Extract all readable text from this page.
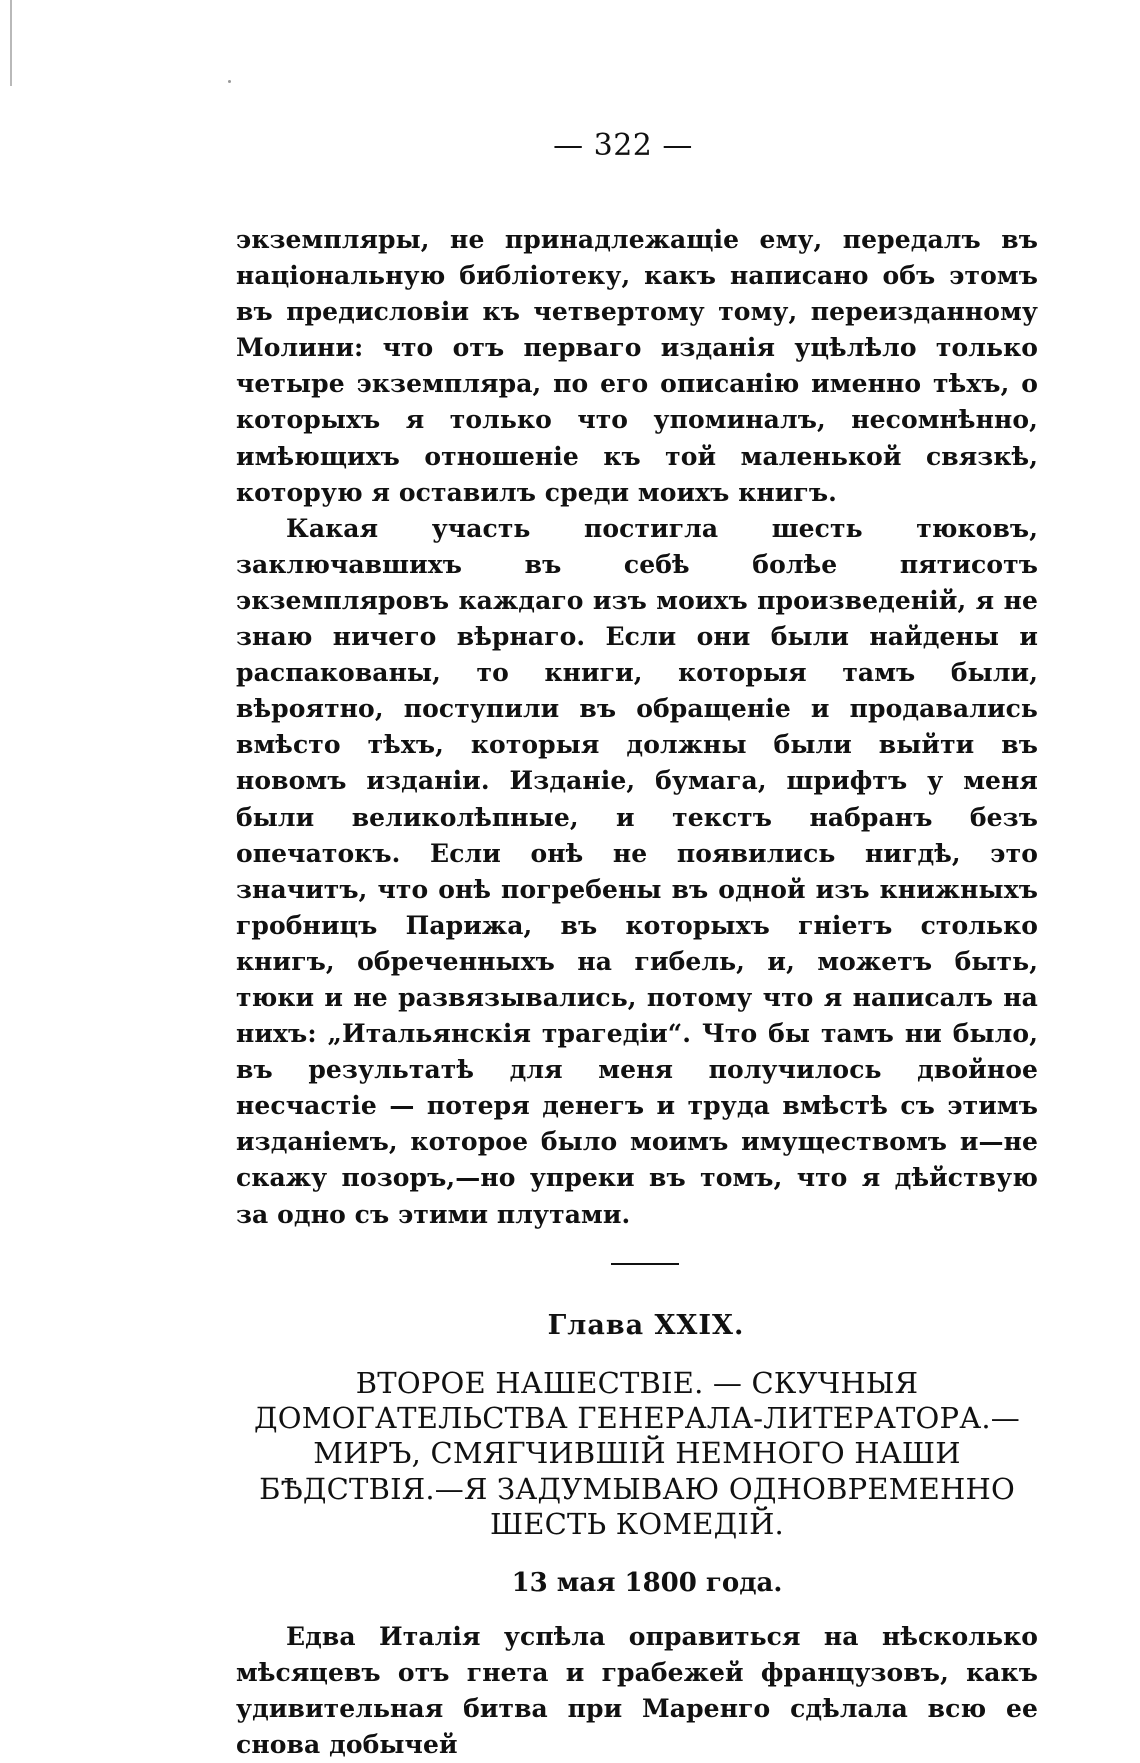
— 322 —

экземпляры, не принадлежащіе ему, передалъ въ національную библіотеку, какъ написано объ этомъ въ предисловіи къ четвертому тому, переизданному Молини: что отъ перваго изданія уцѣлѣло только четыре экземпляра, по его описанію именно тѣхъ, о которыхъ я только что упоминалъ, несомнѣнно, имѣющихъ отношеніе къ той маленькой связкѣ, которую я оставилъ среди моихъ книгъ.

Какая участь постигла шесть тюковъ, заключавшихъ въ себѣ болѣе пятисотъ экземпляровъ каждаго изъ моихъ произведеній, я не знаю ничего вѣрнаго. Если они были найдены и распакованы, то книги, которыя тамъ были, вѣроятно, поступили въ обращеніе и продавались вмѣсто тѣхъ, которыя должны были выйти въ новомъ изданіи. Изданіе, бумага, шрифтъ у меня были великолѣпные, и текстъ набранъ безъ опечатокъ. Если онѣ не появились нигдѣ, это значитъ, что онѣ погребены въ одной изъ книжныхъ гробницъ Парижа, въ которыхъ гніетъ столько книгъ, обреченныхъ на гибель, и, можетъ быть, тюки и не развязывались, потому что я написалъ на нихъ: „Итальянскія трагедіи“. Что бы тамъ ни было, въ результатѣ для меня получилось двойное несчастіе — потеря денегъ и труда вмѣстѣ съ этимъ изданіемъ, которое было моимъ имуществомъ и—не скажу позоръ,—но упреки въ томъ, что я дѣйствую за одно съ этими плутами.

Глава XXIX.
ВТОРОЕ НАШЕСТВІЕ. — СКУЧНЫЯ ДОМОГАТЕЛЬСТВА ГЕНЕРАЛА-ЛИТЕРАТОРА.—МИРЪ, СМЯГЧИВШІЙ НЕМНОГО НАШИ БѢДСТВІЯ.—Я ЗАДУМЫВАЮ ОДНОВРЕМЕННО ШЕСТЬ КОМЕДІЙ.
13 мая 1800 года.

Едва Италія успѣла оправиться на нѣсколько мѣсяцевъ отъ гнета и грабежей французовъ, какъ удивительная битва при Маренго сдѣлала всю ее снова добычей
